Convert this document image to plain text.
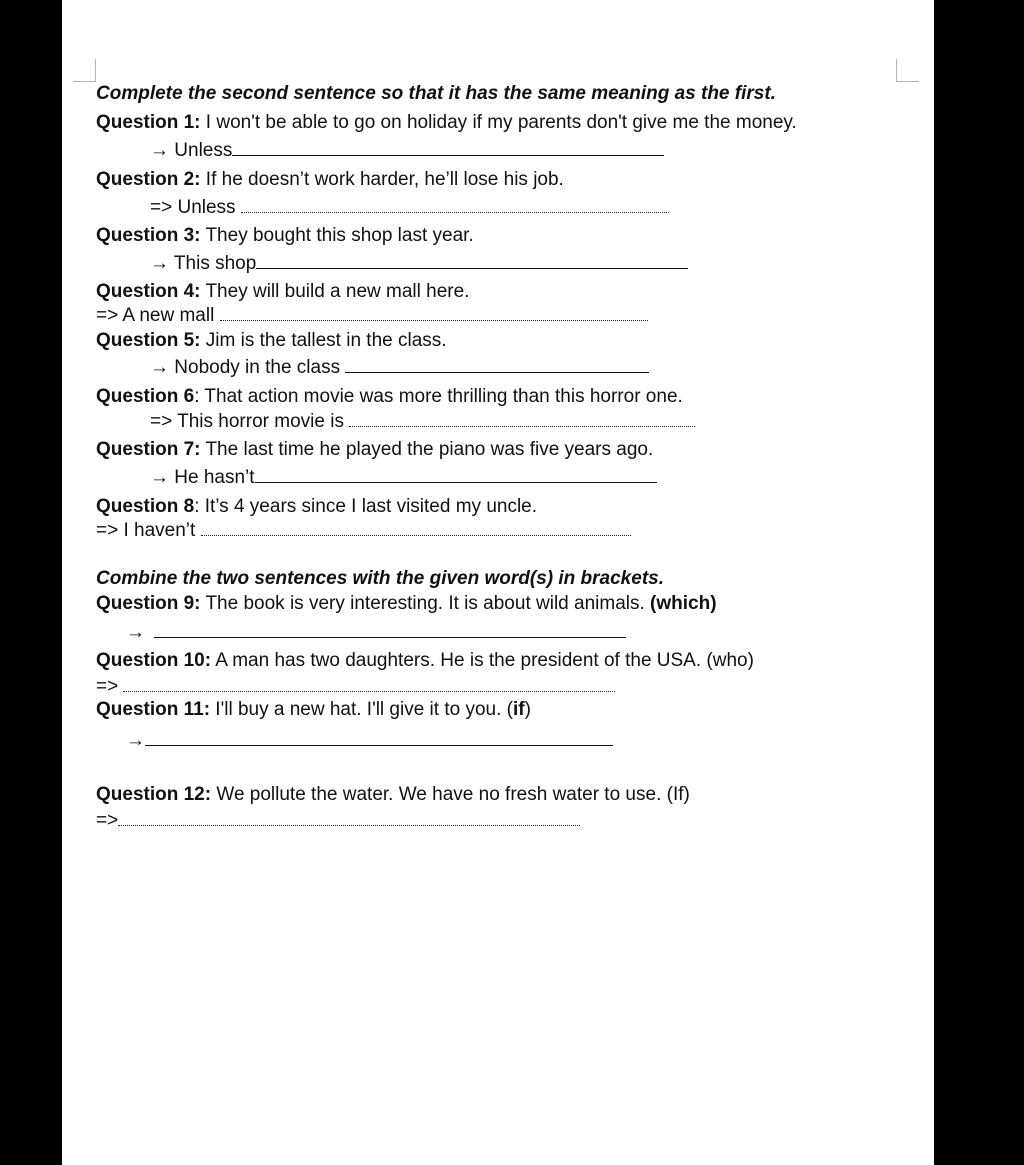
Complete the second sentence so that it has the same meaning as the first.
Question 1: I won't be able to go on holiday if my parents don't give me the money.
→ Unless
Question 2: If he doesn’t work harder, he’ll lose his job.
=> Unless
Question 3: They bought this shop last year.
→ This shop
Question 4: They will build a new mall here.
=> A new mall
Question 5: Jim is the tallest in the class.
→ Nobody in the class
Question 6: That action movie was more thrilling than this horror one.
=> This horror movie is
Question 7: The last time he played the piano was five years ago.
→ He hasn’t
Question 8: It’s 4 years since I last visited my uncle.
=> I haven’t
Combine the two sentences with the given word(s) in brackets.
Question 9: The book is very interesting. It is about wild animals. (which)
→
Question 10: A man has two daughters. He is the president of the USA. (who)
=>
Question 11: I'll buy a new hat. I'll give it to you. (if)
→
Question 12: We pollute the water. We have no fresh water to use. (If)
=>
